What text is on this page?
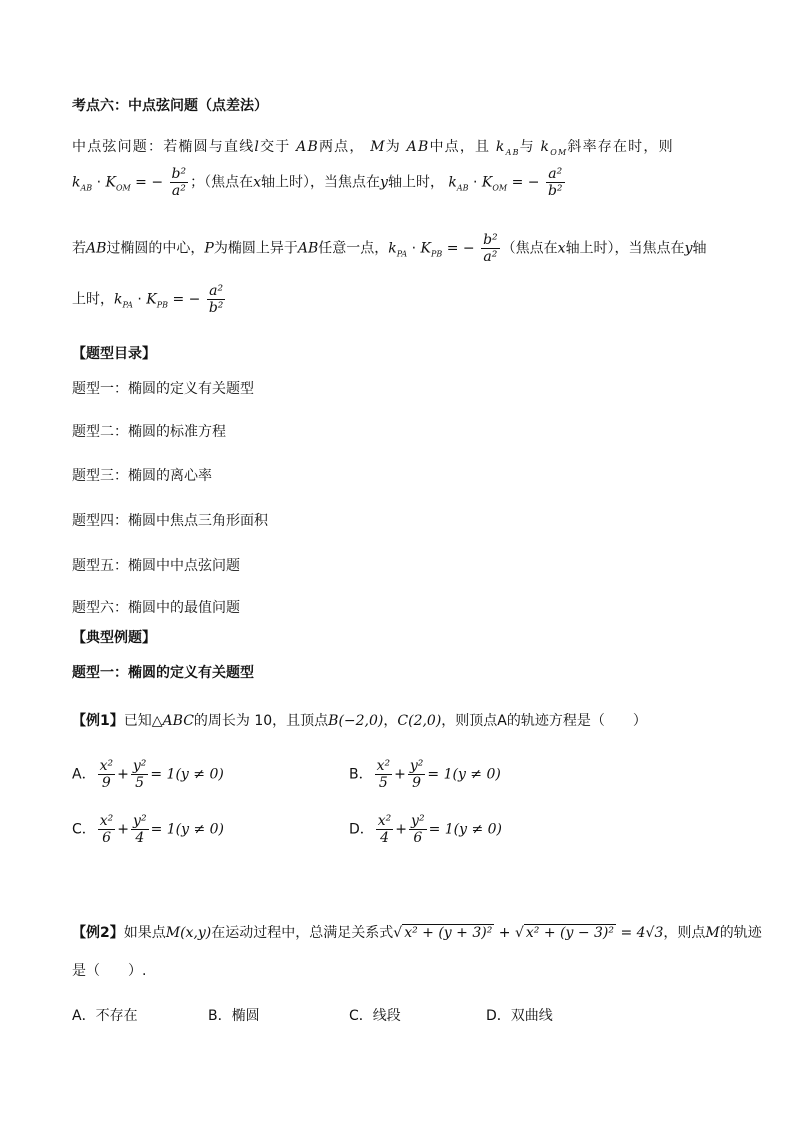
考点六：中点弦问题（点差法）
中点弦问题：若椭圆与直线l交于 AB两点， M为 AB中点，且 $k_{AB}$与 $k_{OM}$斜率存在时，则
$k_{AB} \cdot K_{OM}$ = − $\frac{\text{b²}}{\text{a²}}$ ；（焦点在x轴上时），当焦点在y轴上时， $k_{AB} \cdot K_{OM}$ = − $\frac{\text{a²}}{\text{b²}}$
若AB过椭圆的中心，P为椭圆上异于AB任意一点，$k_{PA} \cdot K_{PB}$ = − $\frac{\text{b²}}{\text{a²}}$ （焦点在x轴上时），当焦点在y轴
上时，$k_{PA} \cdot K_{PB}$ = − $\frac{\text{a²}}{\text{b²}}$
【题型目录】
题型一：椭圆的定义有关题型
题型二：椭圆的标准方程
题型三：椭圆的离心率
题型四：椭圆中焦点三角形面积
题型五：椭圆中中点弦问题
题型六：椭圆中的最值问题
【典型例题】
题型一：椭圆的定义有关题型
【例1】已知△ABC的周长为 10，且顶点B(−2,0)，C(2,0)，则顶点A的轨迹方程是（　　）
A． $\frac{\text{x²}}{9} + \frac{\text{y²}}{5} = 1(y \ne 0)$	B． $\frac{\text{x²}}{5} + \frac{\text{y²}}{9} = 1(y \ne 0)$
C． $\frac{\text{x²}}{6} + \frac{\text{y²}}{4} = 1(y \ne 0)$	D． $\frac{\text{x²}}{4} + \frac{\text{y²}}{6} = 1(y \ne 0)$
【例2】如果点M(x,y)在运动过程中，总满足关系式√ x² + (y + 3)² + √ x² + (y − 3)² = 4√3，则点M的轨迹
是（　　）.
A．不存在	B．椭圆	C．线段	D．双曲线
